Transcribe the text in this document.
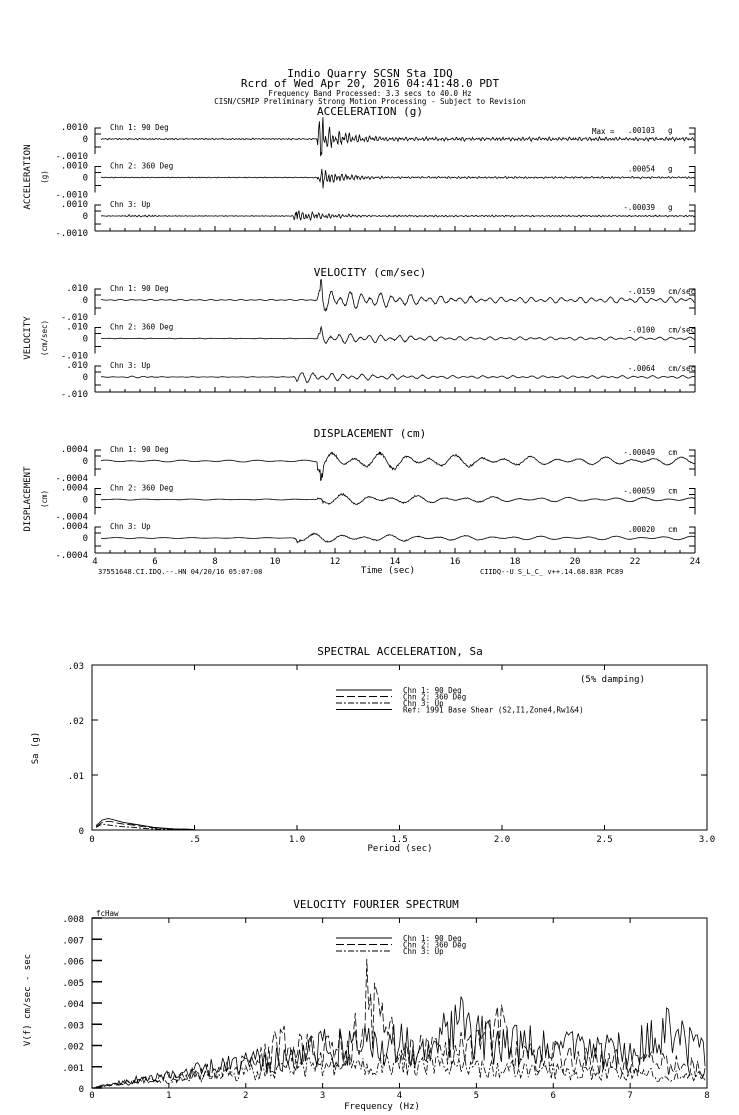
Indio Quarry SCSN Sta IDQ
Rcrd of Wed Apr 20, 2016 04:41:48.0 PDT
Frequency Band Processed: 3.3 secs to 40.0 Hz
CISN/CSMIP Preliminary Strong Motion Processing - Subject to Revision
ACCELERATION (g)
ACCELERATION (g)
.0010
0
-.0010
Chn 1: 90 Deg	Max = .00103 g
.0010
0
-.0010
Chn 2: 360 Deg	.00054 g
.0010
0
-.0010
Chn 3: Up	-.00039 g
VELOCITY (cm/sec)
VELOCITY (cm/sec)
.010
0
-.010
Chn 1: 90 Deg	-.0159 cm/sec
.010
0
-.010
Chn 2: 360 Deg	-.0100 cm/sec
.010
0
-.010
Chn 3: Up	-.0064 cm/sec
DISPLACEMENT (cm)
DISPLACEMENT (cm)
4	6	8	10	12	14	16	18	20	22	24
Time (sec)
.0004
0
-.0004
Chn 1: 90 Deg	-.00049 cm
.0004
0
-.0004
Chn 2: 360 Deg	-.00059 cm
.0004
0
-.0004
Chn 3: Up	.00020 cm
37551648.CI.IDQ.--.HN 04/20/16 05:07:08	CIIDQ--U S_L_C_ v++.14.68.83R PC89
SPECTRAL ACCELERATION, Sa
0	.5	1.0	1.5	2.0	2.5	3.0
0
.01
.02
.03
Period (sec)
Sa (g)
(5% damping)
Chn 1: 90 Deg
Chn 2: 360 Deg
Chn 3: Up
Ref: 1991 Base Shear (S2,I1,Zone4,Rw1&4)
VELOCITY FOURIER SPECTRUM
fcHaw
0	1	2	3	4	5	6	7	8
0
.001
.002
.003
.004
.005
.006
.007
.008
Frequency (Hz)
V(f) cm/sec - sec
Chn 1: 90 Deg
Chn 2: 360 Deg
Chn 3: Up
